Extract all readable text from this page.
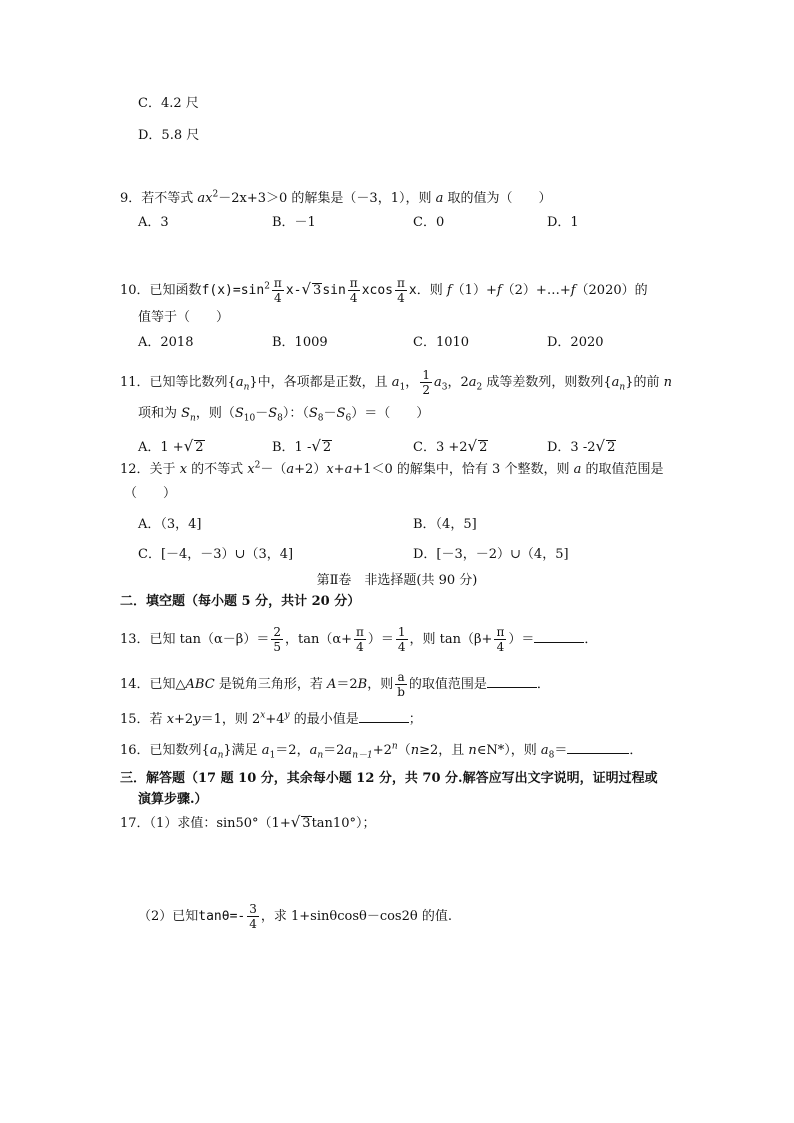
C．4.2 尺
D．5.8 尺
9．若不等式 $ax^2-2x+3>0$ 的解集是（－3，1），则 a 取的值为（　　）
A．3	B．－1	C．0	D．1
10．已知函数$f(x)=\sin^2 \frac{\pi}{4} x-√$ $3\sin \frac{\pi}{4}$ xcos $\frac{\pi}{4}$ x．则 f（1）+f（2）+…+f（2020）的
值等于（　　）
A．2018	B．1009	C．1010	D．2020
11．已知等比数列$\{a_n\}$中，各项都是正数，且 $a_1$， $\frac{1}{2} a_3$，$2a_2$ 成等差数列，则数列$\{a_n\}$的前 n
项和为 $S_n$，则$(S_{10}-S_8)$：$(S_8-S_6)=$（　　）
A．1 +√ 2	B．1 -√ 2	C．3 +2√ 2	D．3 -2√ 2
12．关于 x 的不等式 $x^2-(a+2)x+a+1<0$ 的解集中，恰有 3 个整数，则 a 的取值范围是
（　　）
A．（3，4]	B．（4，5]
C．[－4，－3）∪（3，4]	D．[－3，－2）∪（4，5]
第Ⅱ卷　非选择题(共 90 分)
二．填空题（每小题 5 分，共计 20 分）
13．已知 $\tan(\alpha-\beta)= \frac{2}{5}$ ，$\tan(\alpha+ \frac{\pi}{4}$ ）＝ $\frac{1}{4}$ ，则 $\tan(\beta+ \frac{\pi}{4}$ ）＝	．
14．已知△ABC 是锐角三角形，若 A＝2B，则 $\frac{a}{b}$ 的取值范围是	．
15．若 x+2y＝1，则 $2^x+4^y$ 的最小值是	；
16．已知数列$\{a_n\}$满足 $a_1=2$，$a_n=2a_{n-1}+2^n(n\ge 2$，且 n∈N*），则 $a_8=$	．
三．解答题（17 题 10 分，其余每小题 12 分，共 70 分.解答应写出文字说明，证明过程或
演算步骤.）
17．（1）求值：sin50°（1+√ 3tan10°）；
（2）已知$\tan\theta=- \frac{3}{4}$ ，求 1+sinθcosθ－cos2θ 的值.
